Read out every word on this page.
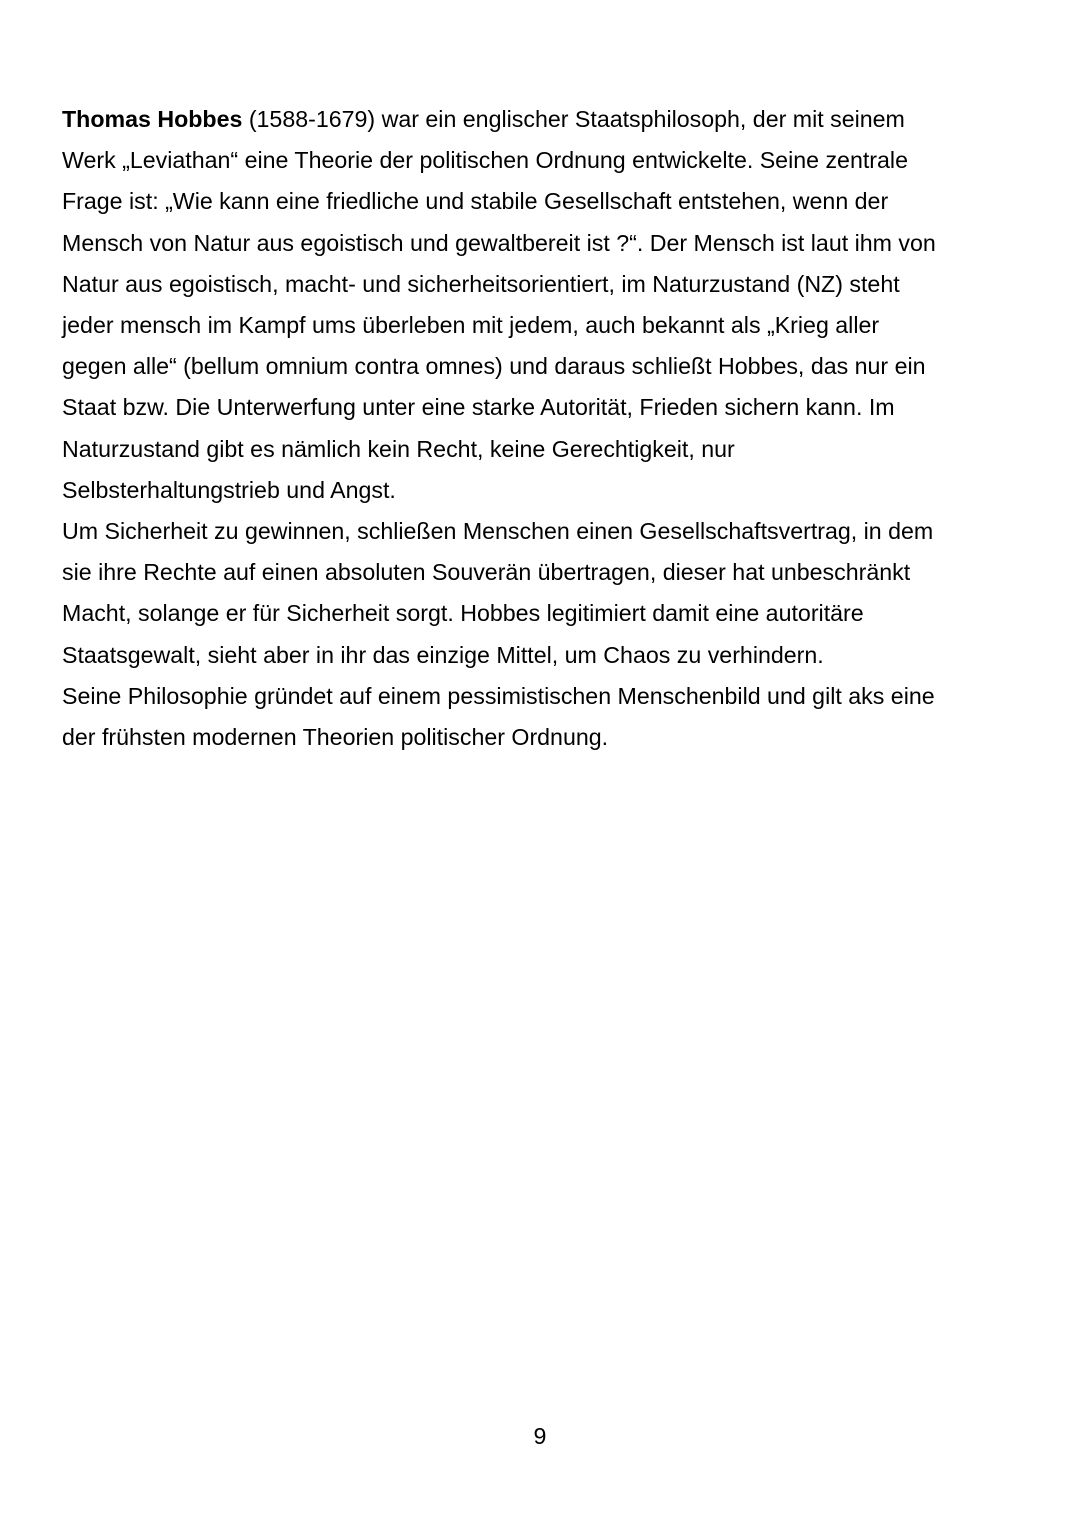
Thomas Hobbes (1588-1679) war ein englischer Staatsphilosoph, der mit seinem
Werk „Leviathan“ eine Theorie der politischen Ordnung entwickelte. Seine zentrale
Frage ist: „Wie kann eine friedliche und stabile Gesellschaft entstehen, wenn der
Mensch von Natur aus egoistisch und gewaltbereit ist ?“. Der Mensch ist laut ihm von
Natur aus egoistisch, macht- und sicherheitsorientiert, im Naturzustand (NZ) steht
jeder mensch im Kampf ums überleben mit jedem, auch bekannt als „Krieg aller
gegen alle“ (bellum omnium contra omnes) und daraus schließt Hobbes, das nur ein
Staat bzw. Die Unterwerfung unter eine starke Autorität, Frieden sichern kann. Im
Naturzustand gibt es nämlich kein Recht, keine Gerechtigkeit, nur
Selbsterhaltungstrieb und Angst.

Um Sicherheit zu gewinnen, schließen Menschen einen Gesellschaftsvertrag, in dem
sie ihre Rechte auf einen absoluten Souverän übertragen, dieser hat unbeschränkt
Macht, solange er für Sicherheit sorgt. Hobbes legitimiert damit eine autoritäre
Staatsgewalt, sieht aber in ihr das einzige Mittel, um Chaos zu verhindern.

Seine Philosophie gründet auf einem pessimistischen Menschenbild und gilt aks eine
der frühsten modernen Theorien politischer Ordnung.

9
